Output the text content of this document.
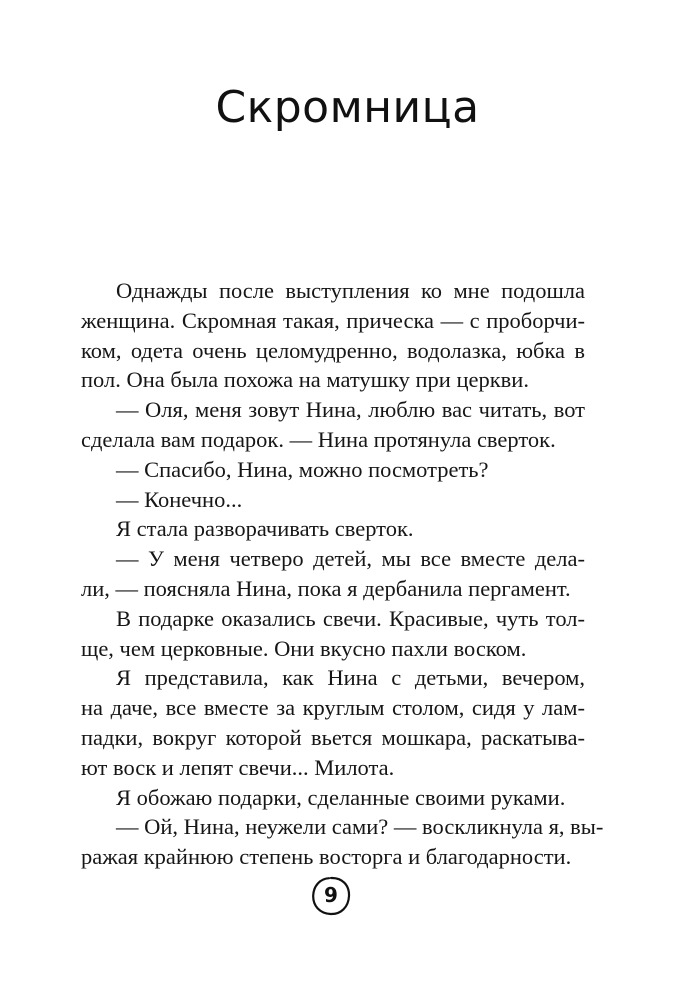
Скромница
Однажды после выступления ко мне подошла
женщина. Скромная такая, прическа — с проборчи-
ком, одета очень целомудренно, водолазка, юбка в
пол. Она была похожа на матушку при церкви.
— Оля, меня зовут Нина, люблю вас читать, вот
сделала вам подарок. — Нина протянула сверток.
— Спасибо, Нина, можно посмотреть?
— Конечно...
Я стала разворачивать сверток.
— У меня четверо детей, мы все вместе дела-
ли, — поясняла Нина, пока я дербанила пергамент.
В подарке оказались свечи. Красивые, чуть тол-
ще, чем церковные. Они вкусно пахли воском.
Я представила, как Нина с детьми, вечером,
на даче, все вместе за круглым столом, сидя у лам-
падки, вокруг которой вьется мошкара, раскатыва-
ют воск и лепят свечи... Милота.
Я обожаю подарки, сделанные своими руками.
— Ой, Нина, неужели сами? — воскликнула я, вы-
ражая крайнюю степень восторга и благодарности.
9
